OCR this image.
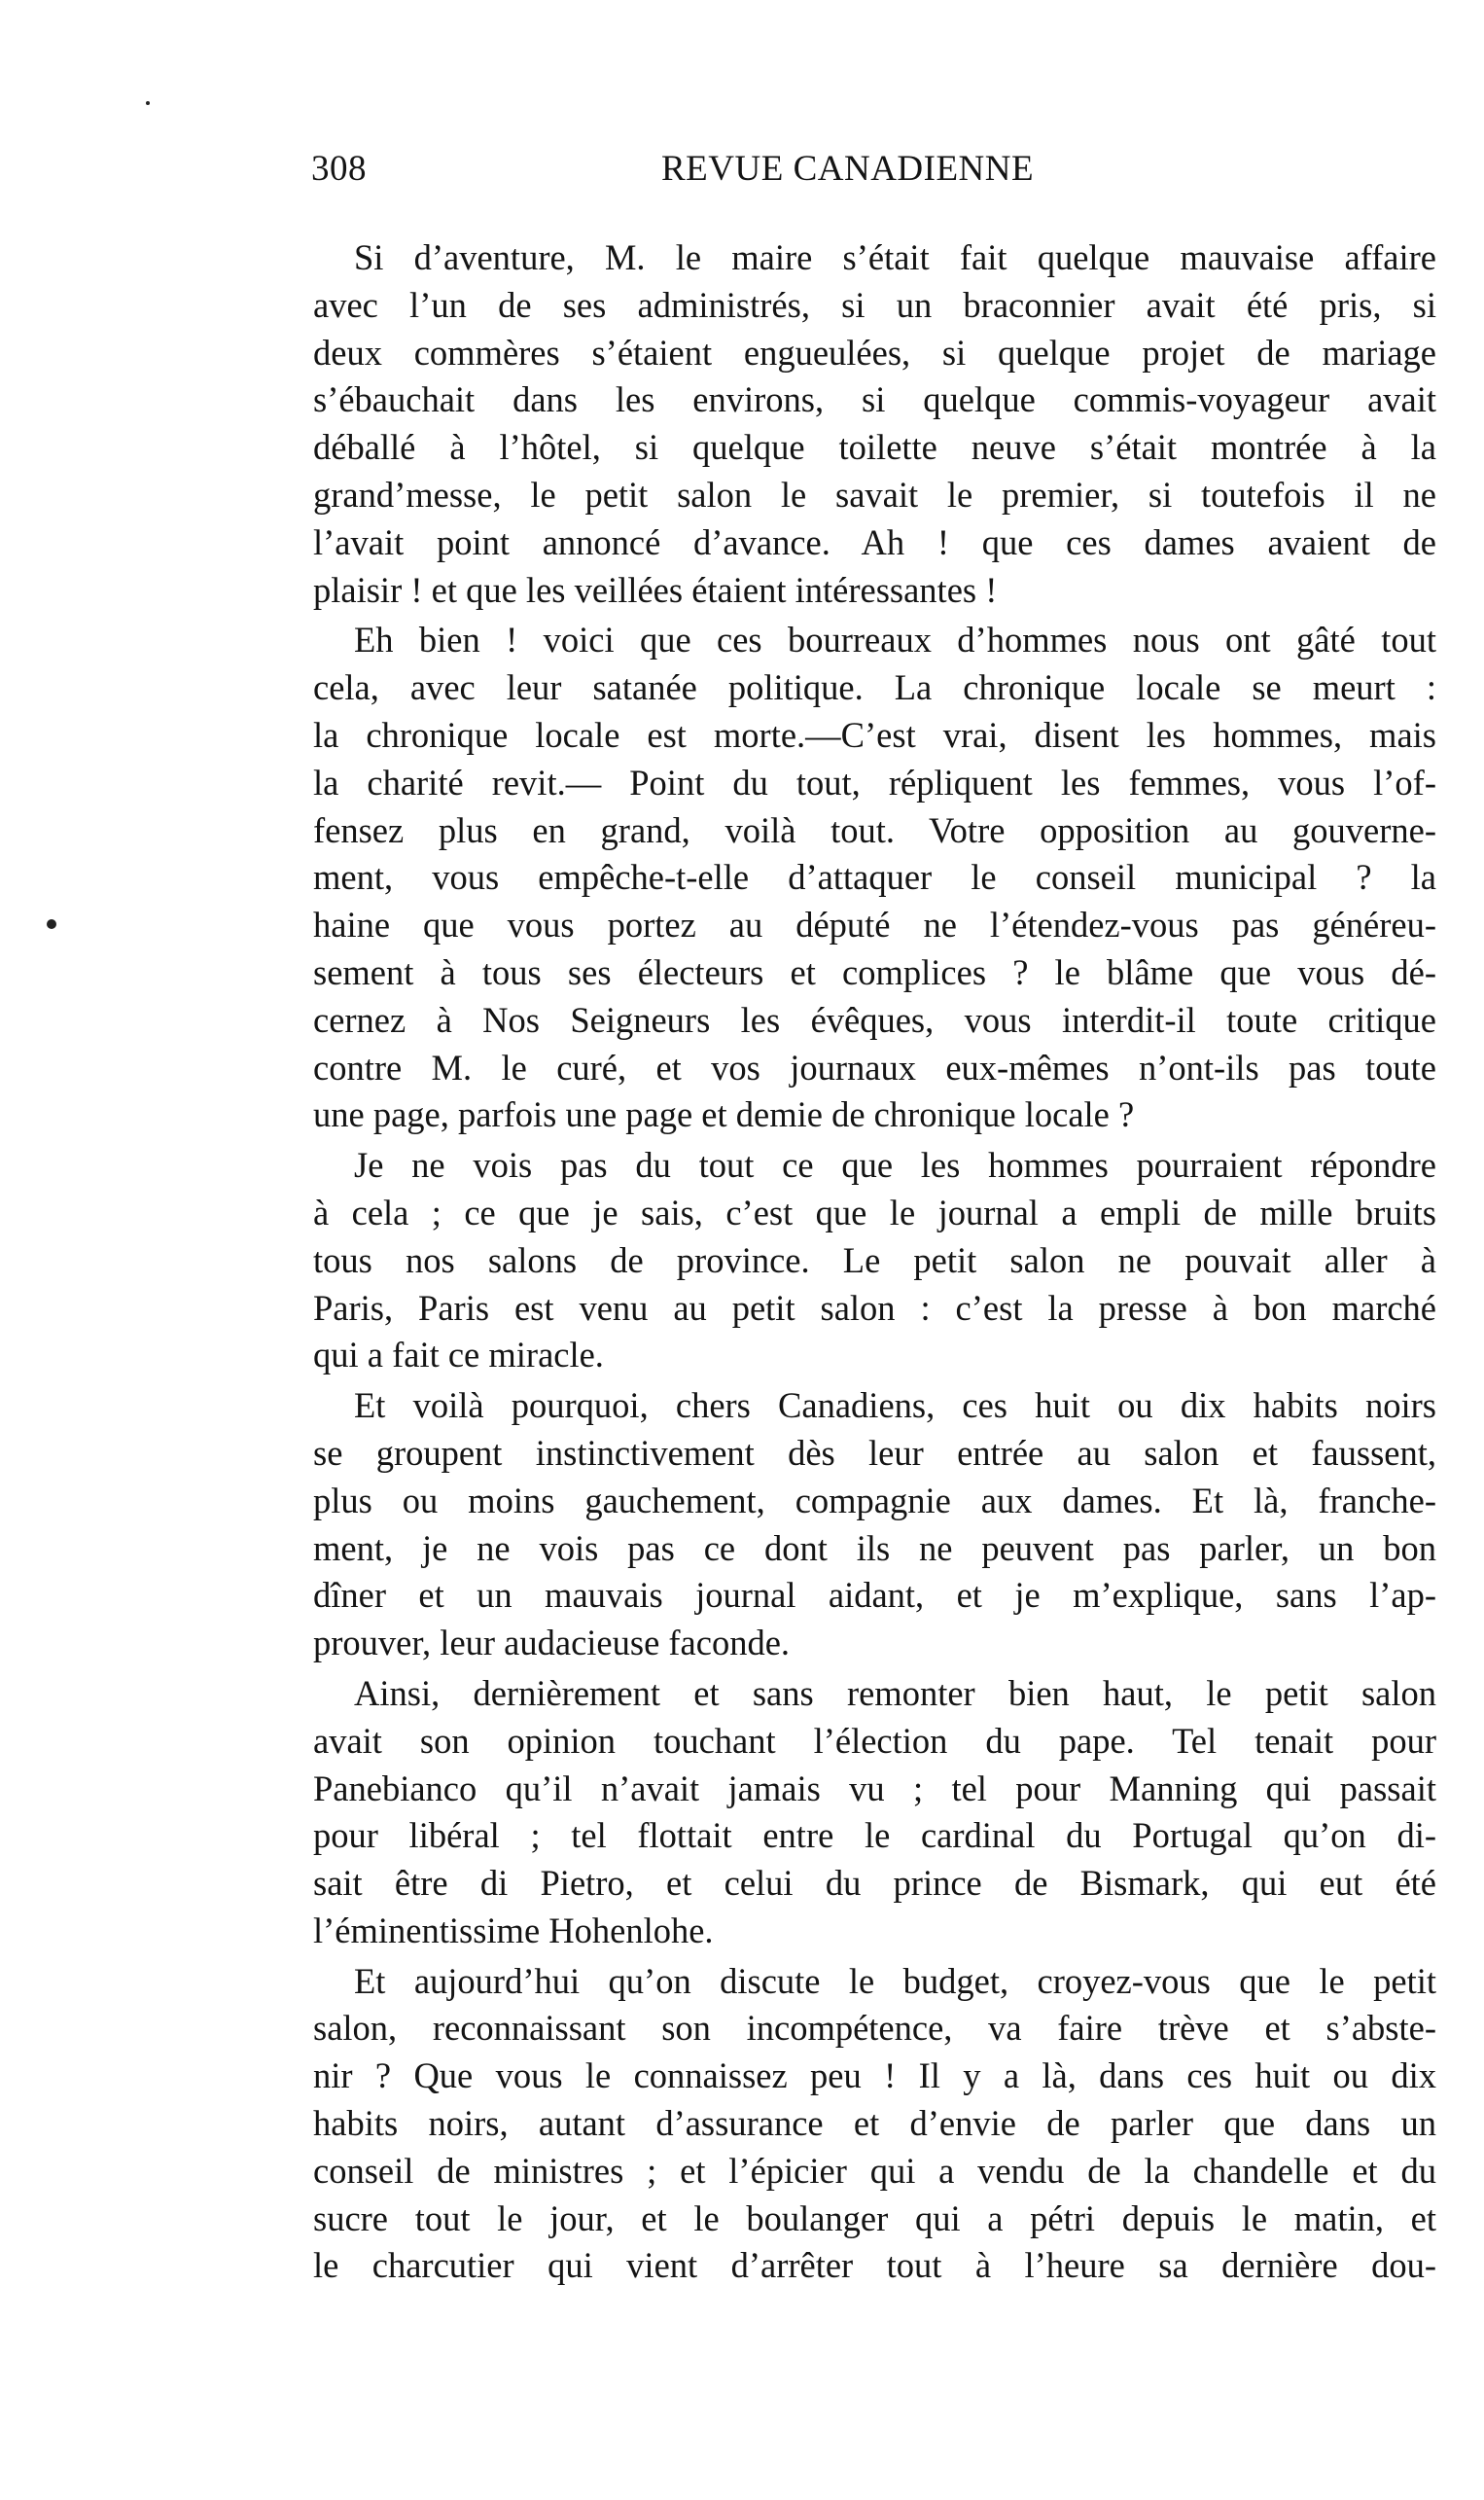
308	REVUE CANADIENNE
Si d’aventure, M. le maire s’était fait quelque mauvaise affaire
avec l’un de ses administrés, si un braconnier avait été pris, si
deux commères s’étaient engueulées, si quelque projet de mariage
s’ébauchait dans les environs, si quelque commis-voyageur avait
déballé à l’hôtel, si quelque toilette neuve s’était montrée à la
grand’messe, le petit salon le savait le premier, si toutefois il ne
l’avait point annoncé d’avance. Ah ! que ces dames avaient de
plaisir ! et que les veillées étaient intéressantes !
Eh bien ! voici que ces bourreaux d’hommes nous ont gâté tout
cela, avec leur satanée politique. La chronique locale se meurt :
la chronique locale est morte.—C’est vrai, disent les hommes, mais
la charité revit.— Point du tout, répliquent les femmes, vous l’of-
fensez plus en grand, voilà tout. Votre opposition au gouverne-
ment, vous empêche-t-elle d’attaquer le conseil municipal ? la
haine que vous portez au député ne l’étendez-vous pas généreu-
sement à tous ses électeurs et complices ? le blâme que vous dé-
cernez à Nos Seigneurs les évêques, vous interdit-il toute critique
contre M. le curé, et vos journaux eux-mêmes n’ont-ils pas toute
une page, parfois une page et demie de chronique locale ?
Je ne vois pas du tout ce que les hommes pourraient répondre
à cela ; ce que je sais, c’est que le journal a empli de mille bruits
tous nos salons de province. Le petit salon ne pouvait aller à
Paris, Paris est venu au petit salon : c’est la presse à bon marché
qui a fait ce miracle.
Et voilà pourquoi, chers Canadiens, ces huit ou dix habits noirs
se groupent instinctivement dès leur entrée au salon et faussent,
plus ou moins gauchement, compagnie aux dames. Et là, franche-
ment, je ne vois pas ce dont ils ne peuvent pas parler, un bon
dîner et un mauvais journal aidant, et je m’explique, sans l’ap-
prouver, leur audacieuse faconde.
Ainsi, dernièrement et sans remonter bien haut, le petit salon
avait son opinion touchant l’élection du pape. Tel tenait pour
Panebianco qu’il n’avait jamais vu ; tel pour Manning qui passait
pour libéral ; tel flottait entre le cardinal du Portugal qu’on di-
sait être di Pietro, et celui du prince de Bismark, qui eut été
l’éminentissime Hohenlohe.
Et aujourd’hui qu’on discute le budget, croyez-vous que le petit
salon, reconnaissant son incompétence, va faire trève et s’abste-
nir ? Que vous le connaissez peu ! Il y a là, dans ces huit ou dix
habits noirs, autant d’assurance et d’envie de parler que dans un
conseil de ministres ; et l’épicier qui a vendu de la chandelle et du
sucre tout le jour, et le boulanger qui a pétri depuis le matin, et
le charcutier qui vient d’arrêter tout à l’heure sa dernière dou-
